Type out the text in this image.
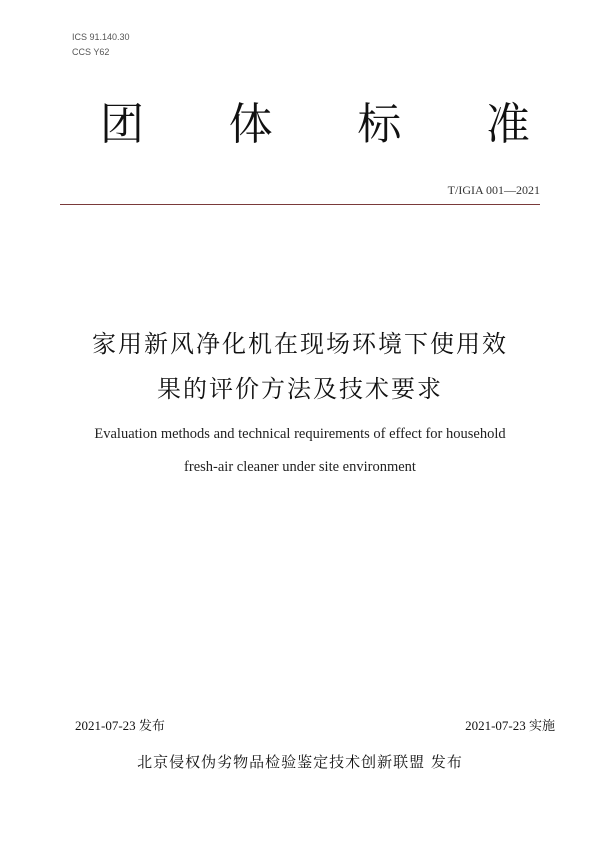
ICS 91.140.30
CCS Y62
团 体 标 准
T/IGIA 001—2021
家用新风净化机在现场环境下使用效
果的评价方法及技术要求
Evaluation methods and technical requirements of effect for household
fresh-air cleaner under site environment
2021-07-23 发布	2021-07-23 实施
北京侵权伪劣物品检验鉴定技术创新联盟 发布
